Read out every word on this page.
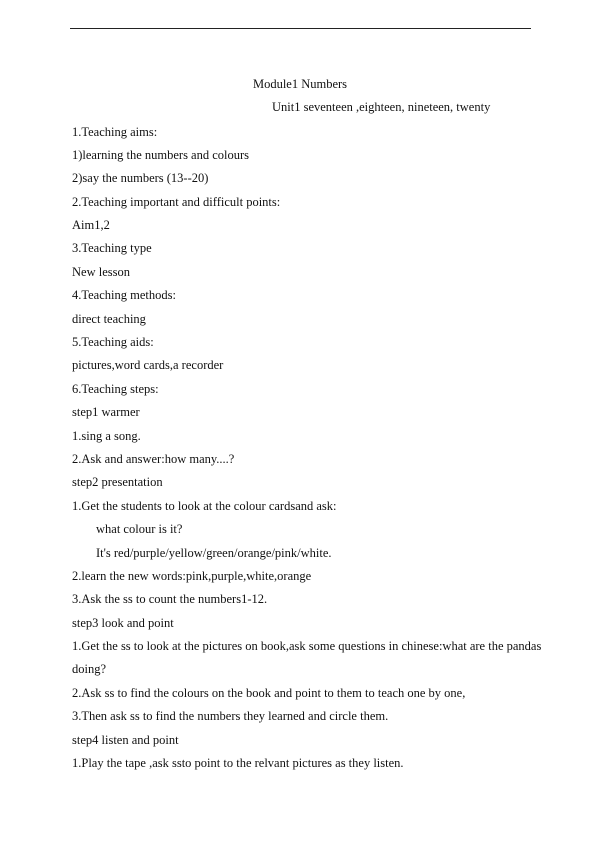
Module1 Numbers
Unit1 seventeen ,eighteen, nineteen, twenty
1.Teaching aims:
1)learning the numbers and colours
2)say the numbers (13--20)
2.Teaching important and difficult points:
Aim1,2
3.Teaching type
New lesson
4.Teaching methods:
direct teaching
5.Teaching aids:
pictures,word cards,a recorder
6.Teaching steps:
step1 warmer
1.sing a song.
2.Ask and answer:how many....?
step2 presentation
1.Get the students to look at the colour cardsand ask:
what colour is it?
It's red/purple/yellow/green/orange/pink/white.
2.learn the new words:pink,purple,white,orange
3.Ask the ss to count the numbers1-12.
step3 look and point
1.Get the ss to look at the pictures on book,ask some questions in chinese:what are the pandas
doing?
2.Ask ss to find the colours on the book and point to them to teach one by one,
3.Then ask ss to find the numbers they learned and circle them.
step4 listen and point
1.Play the tape ,ask ssto point to the relvant pictures as they listen.
